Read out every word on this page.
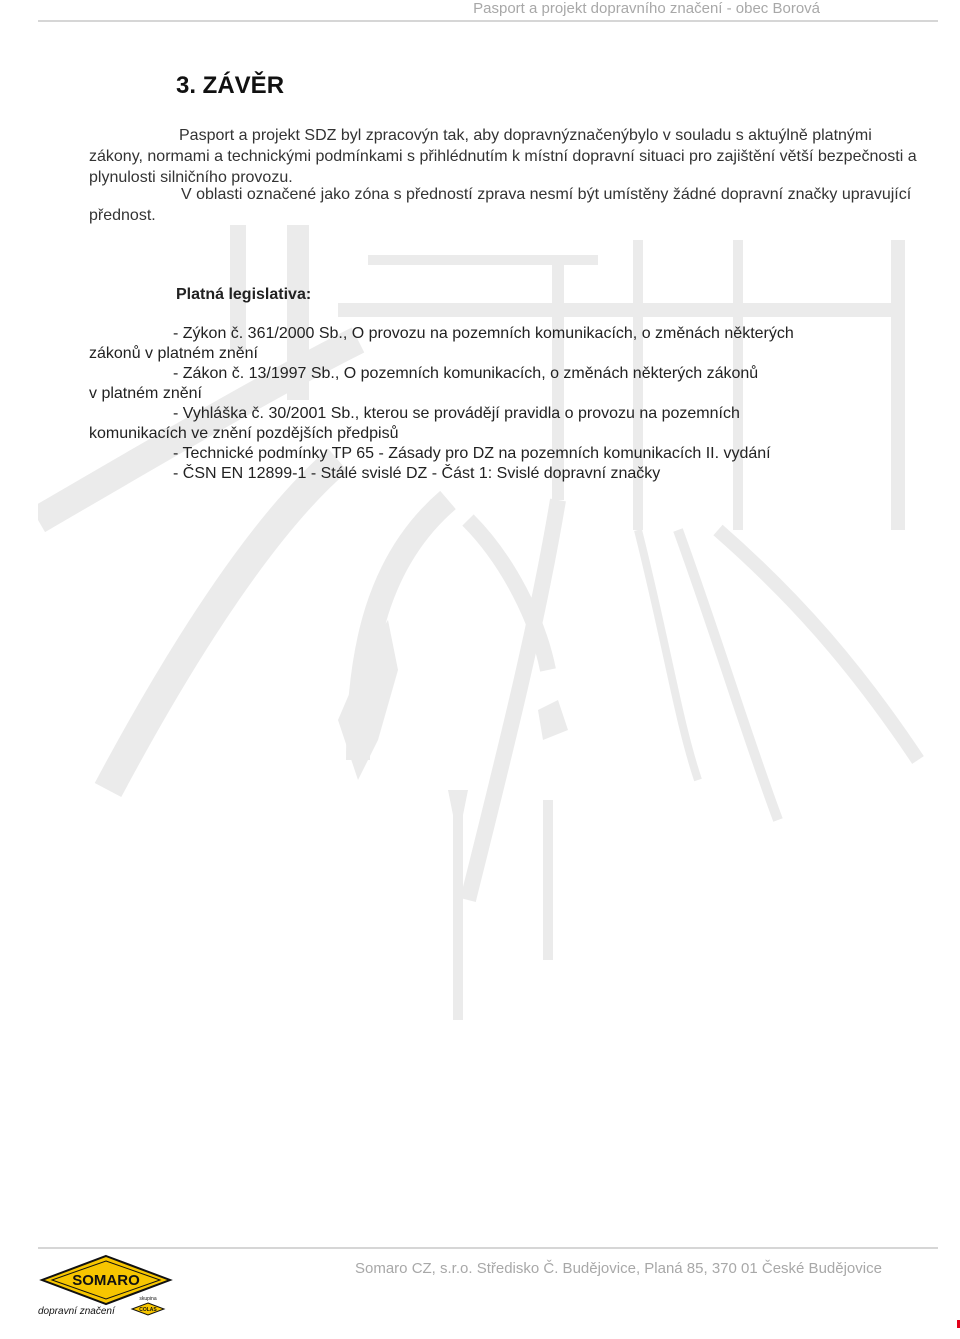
Pasport a projekt dopravního značení - obec Borová
3. ZÁVĚR
Pasport a projekt SDZ byl zpracovýn tak, aby dopravnýznačenýbylo v souladu s aktuýlně platnými zákony, normami a technickými podmínkami s přihlédnutím k místní dopravní situaci pro zajištění větší bezpečnosti a plynulosti silničního provozu.
V oblasti označené jako zóna s předností zprava nesmí být umístěny žádné dopravní značky upravující přednost.
Platná legislativa:
- Zýkon č. 361/2000 Sb., O provozu na pozemních komunikacích, o změnách některých
zákonů v platném znění
- Zákon č. 13/1997 Sb., O pozemních komunikacích, o změnách některých zákonů
v platném znění
- Vyhláška č. 30/2001 Sb., kterou se provádějí pravidla o provozu na pozemních
komunikacích ve znění pozdějších předpisů
- Technické podmínky TP 65 - Zásady pro DZ na pozemních komunikacích II. vydání
- ČSN EN 12899-1 - Stálé svislé DZ - Část 1: Svislé dopravní značky
SOMARO
dopravní značení
skupina
COLAS
Somaro CZ, s.r.o. Středisko Č. Budějovice, Planá 85, 370 01 České Budějovice
